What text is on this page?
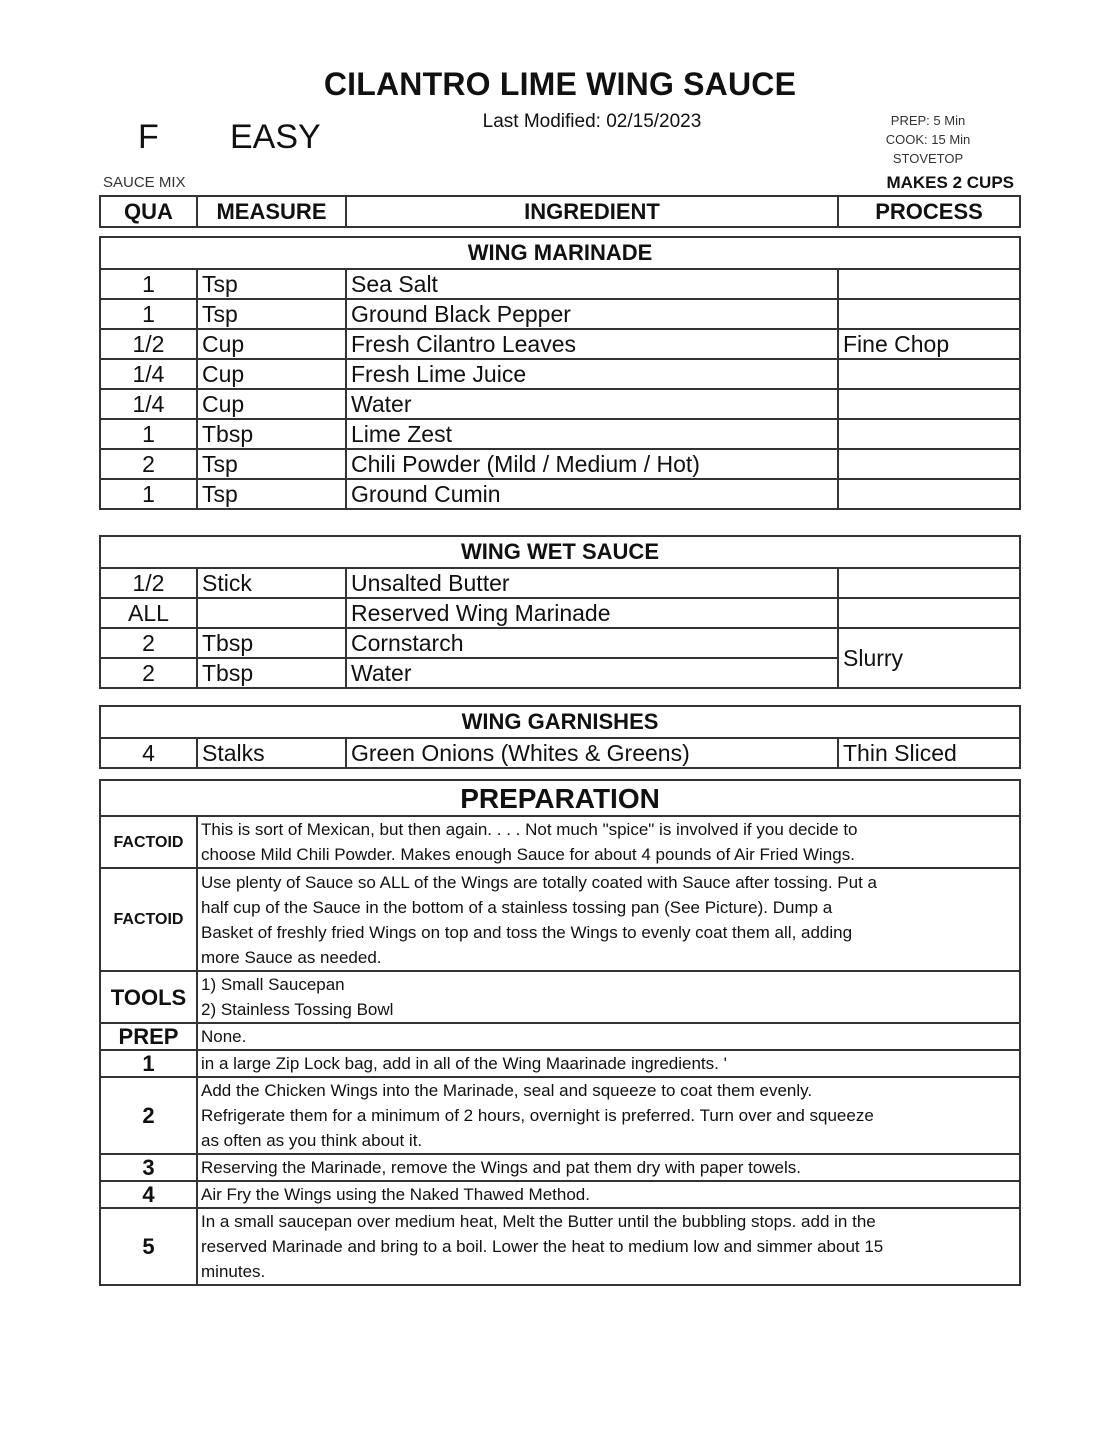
CILANTRO LIME WING SAUCE
F EASY	Last Modified: 02/15/2023	PREP: 5 Min
COOK: 15 Min
STOVETOP
SAUCE MIX	MAKES 2 CUPS
QUA	MEASURE	INGREDIENT	PROCESS
WING MARINADE			
1	Tsp	Sea Salt	
1	Tsp	Ground Black Pepper	
1/2	Cup	Fresh Cilantro Leaves	Fine Chop
1/4	Cup	Fresh Lime Juice	
1/4	Cup	Water	
1	Tbsp	Lime Zest	
2	Tsp	Chili Powder (Mild / Medium / Hot)	
1	Tsp	Ground Cumin	
WING WET SAUCE			
1/2	Stick	Unsalted Butter	
ALL		Reserved Wing Marinade	
2	Tbsp	Cornstarch	Slurry
2	Tbsp	Water	
WING GARNISHES
4	Stalks	Green Onions (Whites & Greens)	Thin Sliced
PREPARATION	
FACTOID	This is sort of Mexican, but then again. . . . Not much "spice" is involved if you decide to
choose Mild Chili Powder. Makes enough Sauce for about 4 pounds of Air Fried Wings.

FACTOID	Use plenty of Sauce so ALL of the Wings are totally coated with Sauce after tossing. Put a
half cup of the Sauce in the bottom of a stainless tossing pan (See Picture). Dump a
Basket of freshly fried Wings on top and toss the Wings to evenly coat them all, adding
more Sauce as needed.

TOOLS	1) Small Saucepan
2) Stainless Tossing Bowl

PREP	None.

1	in a large Zip Lock bag, add in all of the Wing Maarinade ingredients. '

2	Add the Chicken Wings into the Marinade, seal and squeeze to coat them evenly.
Refrigerate them for a minimum of 2 hours, overnight is preferred. Turn over and squeeze
as often as you think about it.

3	Reserving the Marinade, remove the Wings and pat them dry with paper towels.

4	Air Fry the Wings using the Naked Thawed Method.

5	In a small saucepan over medium heat, Melt the Butter until the bubbling stops. add in the
reserved Marinade and bring to a boil. Lower the heat to medium low and simmer about 15
minutes.
